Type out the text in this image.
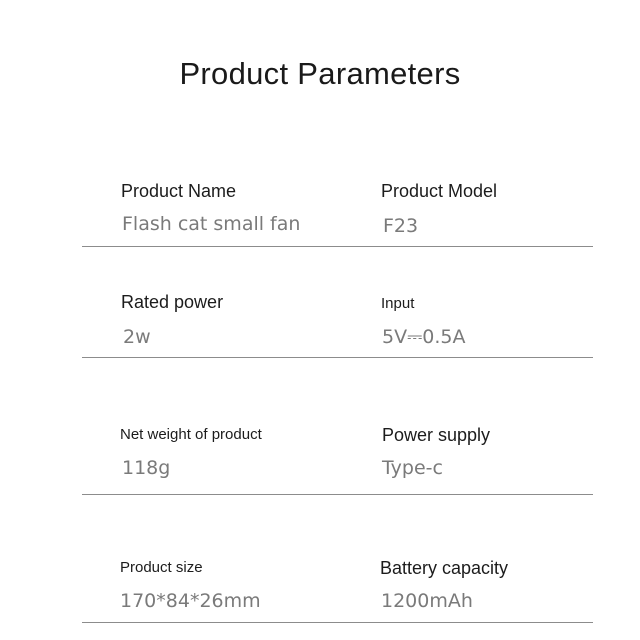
Product Parameters
Product Name
Flash cat small fan
Product Model
F23
Rated power
2w
Input
5V⎓0.5A
Net weight of product
118g
Power supply
Type-c
Product size
170*84*26mm
Battery capacity
1200mAh
